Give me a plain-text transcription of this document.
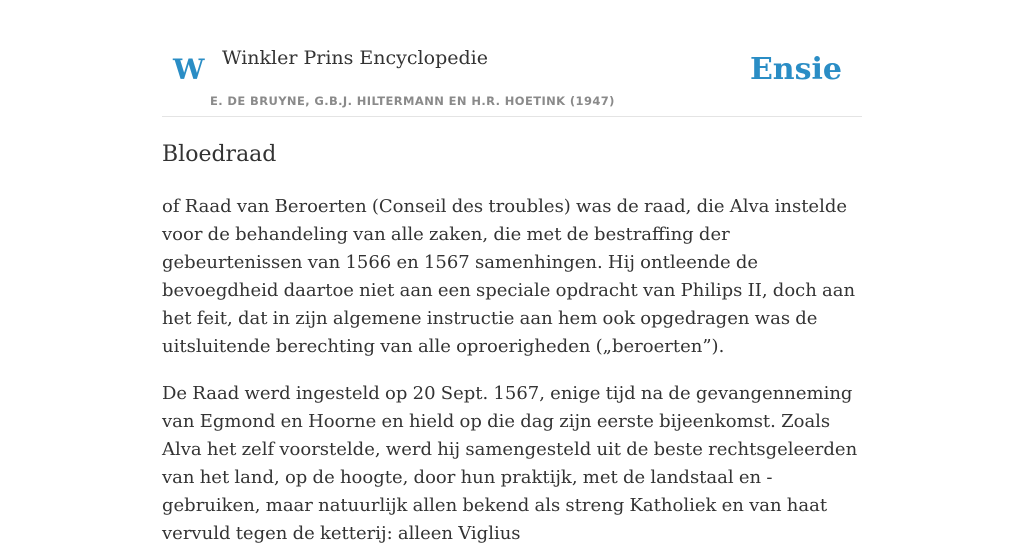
W Winkler Prins Encyclopedie
E. DE BRUYNE, G.B.J. HILTERMANN EN H.R. HOETINK (1947)
Ensie
Bloedraad

of Raad van Beroerten (Conseil des troubles) was de raad, die Alva instelde voor de behandeling van alle zaken, die met de bestraffing der gebeurtenissen van 1566 en 1567 samenhingen. Hij ontleende de bevoegdheid daartoe niet aan een speciale opdracht van Philips II, doch aan het feit, dat in zijn algemene instructie aan hem ook opgedragen was de uitsluitende berechting van alle oproerigheden („beroerten”).

De Raad werd ingesteld op 20 Sept. 1567, enige tijd na de gevangenneming van Egmond en Hoorne en hield op die dag zijn eerste bijeenkomst. Zoals Alva het zelf voorstelde, werd hij samengesteld uit de beste rechtsgeleerden van het land, op de hoogte, door hun praktijk, met de landstaal en -gebruiken, maar natuurlijk allen bekend als streng Katholiek en van haat vervuld tegen de ketterij: alleen Viglius
